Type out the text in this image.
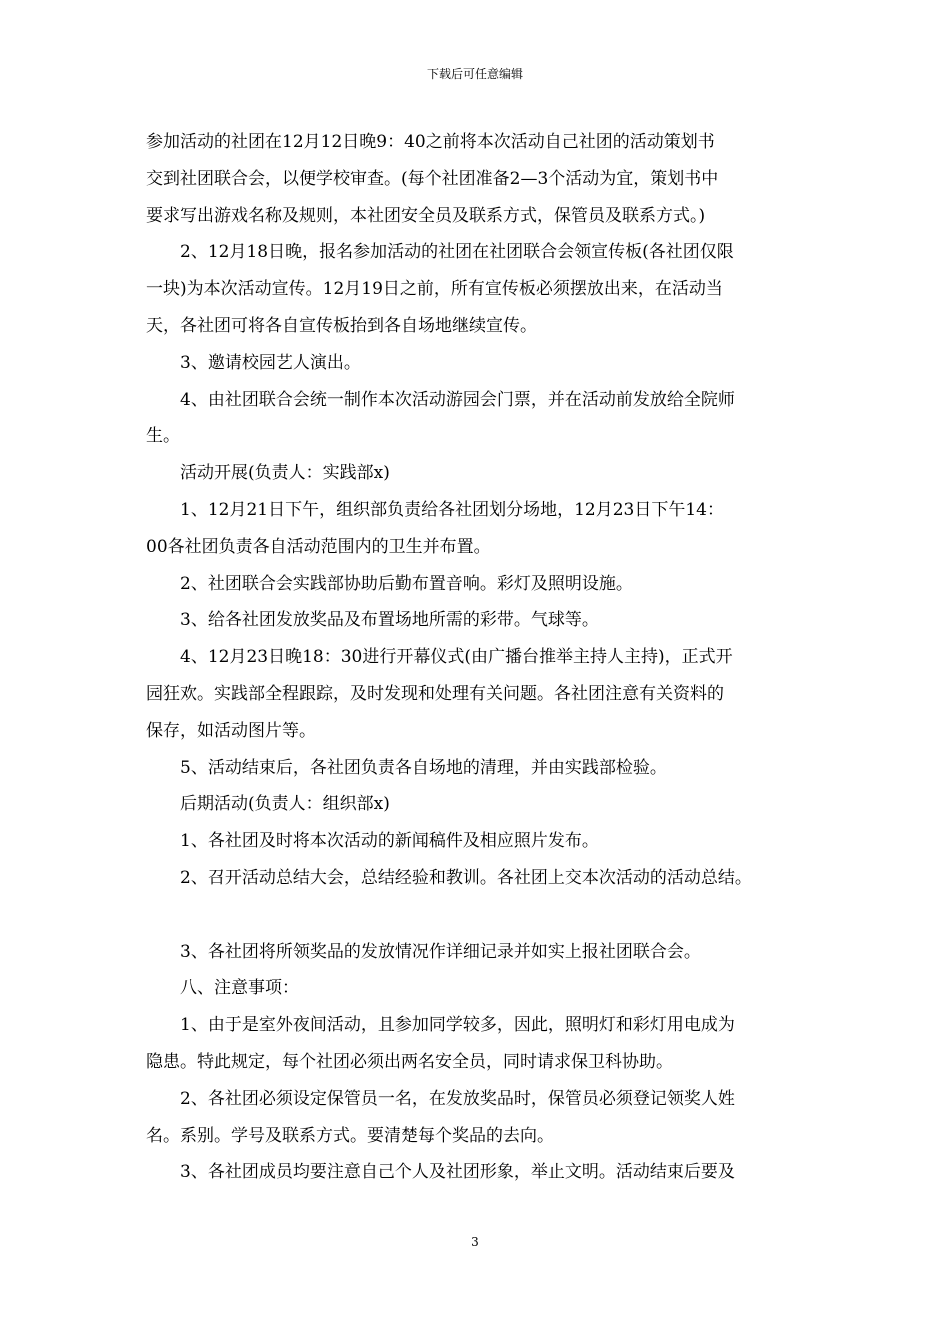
下载后可任意编辑
参加活动的社团在12月12日晚9：40之前将本次活动自己社团的活动策划书
交到社团联合会，以便学校审查。(每个社团准备2—3个活动为宜，策划书中
要求写出游戏名称及规则，本社团安全员及联系方式，保管员及联系方式。)
2、12月18日晚，报名参加活动的社团在社团联合会领宣传板(各社团仅限
一块)为本次活动宣传。12月19日之前，所有宣传板必须摆放出来，在活动当
天，各社团可将各自宣传板抬到各自场地继续宣传。
3、邀请校园艺人演出。
4、由社团联合会统一制作本次活动游园会门票，并在活动前发放给全院师
生。
活动开展(负责人：实践部x)
1、12月21日下午，组织部负责给各社团划分场地，12月23日下午14：
00各社团负责各自活动范围内的卫生并布置。
2、社团联合会实践部协助后勤布置音响。彩灯及照明设施。
3、给各社团发放奖品及布置场地所需的彩带。气球等。
4、12月23日晚18：30进行开幕仪式(由广播台推举主持人主持)，正式开
园狂欢。实践部全程跟踪，及时发现和处理有关问题。各社团注意有关资料的
保存，如活动图片等。
5、活动结束后，各社团负责各自场地的清理，并由实践部检验。
后期活动(负责人：组织部x)
1、各社团及时将本次活动的新闻稿件及相应照片发布。
2、召开活动总结大会，总结经验和教训。各社团上交本次活动的活动总结。
3、各社团将所领奖品的发放情况作详细记录并如实上报社团联合会。
八、注意事项：
1、由于是室外夜间活动，且参加同学较多，因此，照明灯和彩灯用电成为
隐患。特此规定，每个社团必须出两名安全员，同时请求保卫科协助。
2、各社团必须设定保管员一名，在发放奖品时，保管员必须登记领奖人姓
名。系别。学号及联系方式。要清楚每个奖品的去向。
3、各社团成员均要注意自己个人及社团形象，举止文明。活动结束后要及
3
